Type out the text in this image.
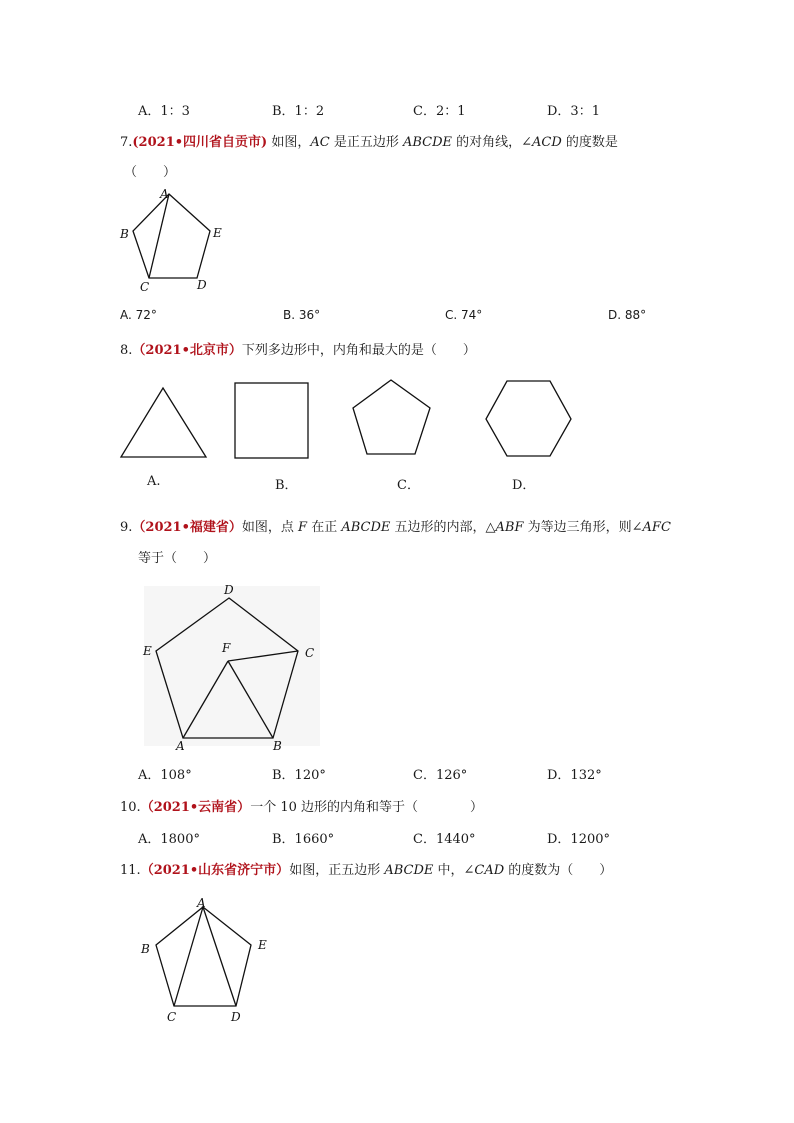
A．1：3	B．1：2	C．2：1	D．3：1
7.(2021•四川省自贡市) 如图，AC 是正五边形 ABCDE 的对角线，∠ACD 的度数是
（　　）
A
B	E
C	D
A. 72°	B. 36°	C. 74°	D. 88°
8.（2021•北京市）下列多边形中，内角和最大的是（　　）
A.	B．	C．	D．
9.（2021•福建省）如图，点 F 在正 ABCDE 五边形的内部，△ABF 为等边三角形，则∠AFC
等于（　　）
D
E	F	C
A	B
A．108°	B．120°	C．126°	D．132°
10.（2021•云南省）一个 10 边形的内角和等于（　　　　）
A．1800°	B．1660°	C．1440°	D．1200°
11.（2021•山东省济宁市）如图，正五边形 ABCDE 中，∠CAD 的度数为（　　）
A
B	E
C	D
